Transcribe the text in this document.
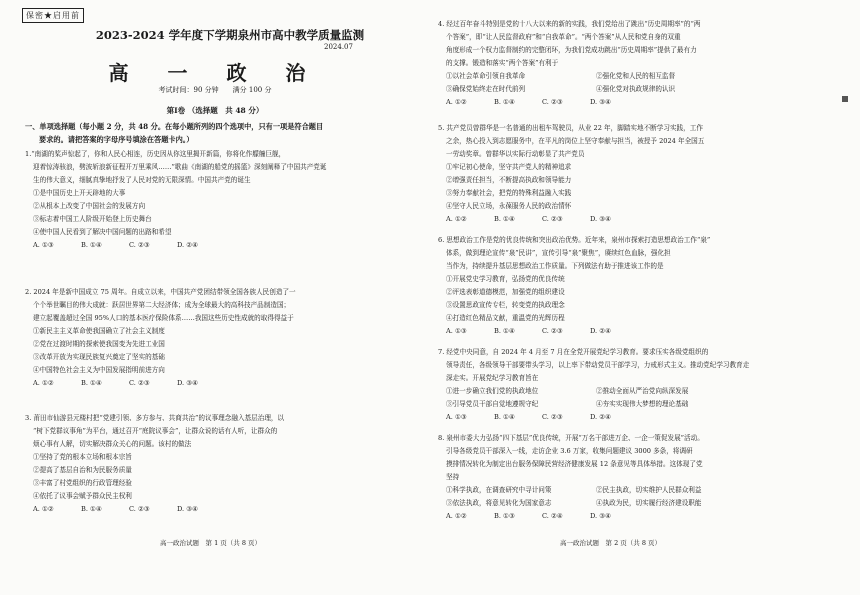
保密★启用前
2023-2024 学年度下学期泉州市高中教学质量监测
2024.07
高 一 政 治
考试时间：90 分钟　　满分 100 分
第Ⅰ卷 （选择题　共 48 分）
一、单项选择题（每小题 2 分，共 48 分。在每小题所列的四个选项中，只有一项是符合题目
要求的。请把答案的字母序号填涂在答题卡内。）

1.“南湖的桨声惊起了，你和人民心相连，历史因从你这里揭开新篇，你将化作艨艟巨舰，

迎着惊涛骇浪，劈波斩浪新征程开万里乘风……”歌曲《南湖的船党的摇篮》深刻阐释了中国共产党诞

生的伟大意义，细腻真挚地抒发了人民对党的无限深情。中国共产党的诞生

①是中国历史上开天辟地的大事

②从根本上改变了中国社会的发展方向

③标志着中国工人阶级开始登上历史舞台

④使中国人民看到了解决中国问题的出路和希望

A. ①③	B. ①④	C. ②③	D. ②④

2. 2024 年是新中国成立 75 周年。自成立以来，中国共产党团结带领全国各族人民创造了一

个个举世瞩目的伟大成就：跃居世界第二大经济体；成为全球最大的高科技产品制造国；

建立起覆盖超过全国 95%人口的基本医疗保险体系……我国这些历史性成就的取得得益于

①新民主主义革命使我国确立了社会主义制度

②党在过渡时期的探索使我国变为先进工业国

③改革开放为实现民族复兴奠定了坚实的基础

④中国特色社会主义为中国发展指明前进方向

A. ①②	B. ①④	C. ②③	D. ③④

3. 莆田市仙游县元楼村把“党建引领、多方参与、共商共治”的议事理念融入基层治理，以

“树下党群议事角”为平台，通过召开“庭院议事会”，让群众说的话有人听，让群众的

烦心事有人解，切实解决群众关心的问题。该村的做法

①坚持了党的根本立场和根本宗旨

②提高了基层自治和为民服务质量

③丰富了村党组织的行政管理经验

④依托了议事会赋予群众民主权利

A. ①②	B. ①④	C. ②③	D. ③④
高一政治试题　第 1 页（共 8 页）

4. 经过百年奋斗特别是党的十八大以来的新的实践，我们党给出了跳出“历史周期率”的“两

个答案”，即“让人民监督政府”和“自我革命”。“两个答案”从人民和党自身的双重

角度形成一个权力监督制约的完整闭环，为我们党成功跳出“历史周期率”提供了最有力

的支撑。锻造和落实“两个答案”有利于

①以社会革命引领自我革命	②强化党和人民的相互监督
③确保党始终走在时代前列	④强化党对执政规律的认识
A. ①②	B. ①④	C. ②③	D. ③④

5. 共产党员曾群华是一名普通的出租车驾驶员，从业 22 年，脚踏实地不断学习实践，工作

之余，热心投入到志愿服务中，在平凡的岗位上坚守奉献与担当，被授予 2024 年全国五

一劳动奖章。曾群华以实际行动彰显了共产党员

①牢记初心使命，坚守共产党人的精神追求

②增强责任担当，不断提高执政和领导能力

③努力奉献社会，把党的特殊利益融入实践

④坚守人民立场，永葆服务人民的政治情怀

A. ①②	B. ①④	C. ②③	D. ③④

6. 思想政治工作是党的优良传统和突出政治优势。近年来，泉州市探索打造思想政治工作“泉”

体系，做到理论宣传“泉”民讲”，宣传引导“泉”聚焦”，赓续红色血脉，强化担

当作为，持续提升基层思想政治工作质量。下列做法有助于推进该工作的是

①开展党史学习教育，弘扬党的优良传统

②评选表彰道德模范，加强党的组织建设

③设置思政宣传专栏，转变党的执政理念

④打造红色精品文献，重温党的光辉历程

A. ①③	B. ①④	C. ②③	D. ②④

7. 经党中央同意，自 2024 年 4 月至 7 月在全党开展党纪学习教育。要求压实各级党组织的

领导责任，各级领导干部要带头学习，以上率下带动党员干部学习，力戒形式主义。推动党纪学习教育走

深走实。开展党纪学习教育旨在

①进一步确立我们党的执政地位	②推动全面从严治党向纵深发展
③引导党员干部自觉地遵规守纪	④夯实实现伟大梦想的理论基础
A. ①③	B. ①④	C. ②③	D. ②④

8. 泉州市委大力弘扬“四下基层”优良传统，开展“万名干部进万企、一企一策促发展”活动。

引导各级党员干部深入一线，走访企业 3.6 万家，收集问题建议 3000 多条，将调研

摸排情况转化为制定出台服务保障民营经济健康发展 12 条意见等具体举措。这体现了党

坚持

①科学执政，在调查研究中寻计问策	②民主执政，切实维护人民群众利益
③依法执政，将意见转化为国家意志	④执政为民，切实履行经济建设职能
A. ①②	B. ①③	C. ②④	D. ③④
高一政治试题　第 2 页（共 8 页）
